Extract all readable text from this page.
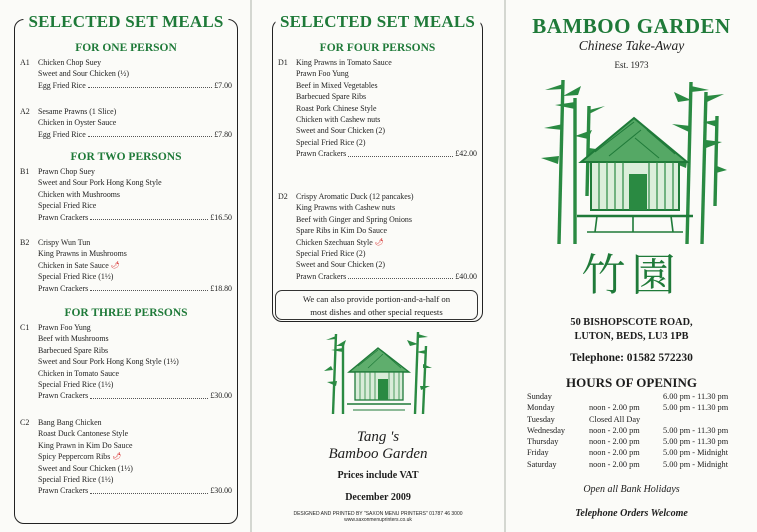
SELECTED SET MEALS

FOR ONE PERSON

A1 Chicken Chop Suey
Sweet and Sour Chicken (½)
Egg Fried Rice	£7.00
A2 Sesame Prawns (1 Slice)
Chicken in Oyster Sauce
Egg Fried Rice	£7.80

FOR TWO PERSONS

B1 Prawn Chop Suey
Sweet and Sour Pork Hong Kong Style
Chicken with Mushrooms
Special Fried Rice
Prawn Crackers	£16.50
B2 Crispy Wun Tun
King Prawns in Mushrooms
Chicken in Sate Sauce 🌶
Special Fried Rice (1½)
Prawn Crackers	£18.80

FOR THREE PERSONS

C1 Prawn Foo Yung
Beef with Mushrooms
Barbecued Spare Ribs
Sweet and Sour Pork Hong Kong Style (1½)
Chicken in Tomato Sauce
Special Fried Rice (1½)
Prawn Crackers	£30.00
C2 Bang Bang Chicken
Roast Duck Cantonese Style
King Prawn in Kim Do Sauce
Spicy Peppercorn Ribs 🌶
Sweet and Sour Chicken (1½)
Special Fried Rice (1½)
Prawn Crackers	£30.00
SELECTED SET MEALS

FOR FOUR PERSONS

D1 King Prawns in Tomato Sauce
Prawn Foo Yung
Beef in Mixed Vegetables
Barbecued Spare Ribs
Roast Pork Chinese Style
Chicken with Cashew nuts
Sweet and Sour Chicken (2)
Special Fried Rice (2)
Prawn Crackers	£42.00
D2 Crispy Aromatic Duck (12 pancakes)
King Prawns with Cashew nuts
Beef with Ginger and Spring Onions
Spare Ribs in Kim Do Sauce
Chicken Szechuan Style 🌶
Special Fried Rice (2)
Sweet and Sour Chicken (2)
Prawn Crackers	£40.00
We can also provide portion-and-a-half on
most dishes and other special requests
Tang 's
Bamboo Garden
Prices include VAT
December 2009
DESIGNED AND PRINTED BY "SAXON MENU PRINTERS" 01787 46 3000
www.saxonmenuprinters.co.uk
BAMBOO GARDEN
Chinese Take-Away
Est. 1973
竹園
50 BISHOPSCOTE ROAD,
LUTON, BEDS, LU3 1PB
Telephone: 01582 572230
HOURS OF OPENING
Sunday		6.00 pm - 11.30 pm
Monday	noon - 2.00 pm	5.00 pm - 11.30 pm
Tuesday	Closed All Day	
Wednesday	noon - 2.00 pm	5.00 pm - 11.30 pm
Thursday	noon - 2.00 pm	5.00 pm - 11.30 pm
Friday	noon - 2.00 pm	5.00 pm - Midnight
Saturday	noon - 2.00 pm	5.00 pm - Midnight
Open all Bank Holidays
Telephone Orders Welcome
